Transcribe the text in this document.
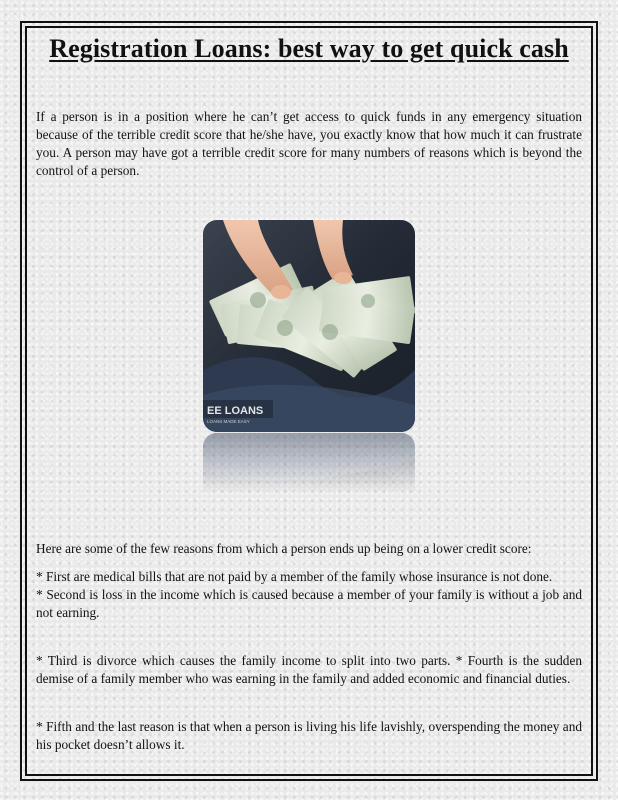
Registration Loans: best way to get quick cash

If a person is in a position where he can’t get access to quick funds in any emergency situation because of the terrible credit score that he/she have, you exactly know that how much it can frustrate you. A person may have got a terrible credit score for many numbers of reasons which is beyond the control of a person.

EE LOANS
LOANS MADE EASY

Here are some of the few reasons from which a person ends up being on a lower credit score:

* First are medical bills that are not paid by a member of the family whose insurance is not done.
* Second is loss in the income which is caused because a member of your family is without a job and not earning.

* Third is divorce which causes the family income to split into two parts. * Fourth is the sudden demise of a family member who was earning in the family and added economic and financial duties.

* Fifth and the last reason is that when a person is living his life lavishly, overspending the money and his pocket doesn’t allows it.
